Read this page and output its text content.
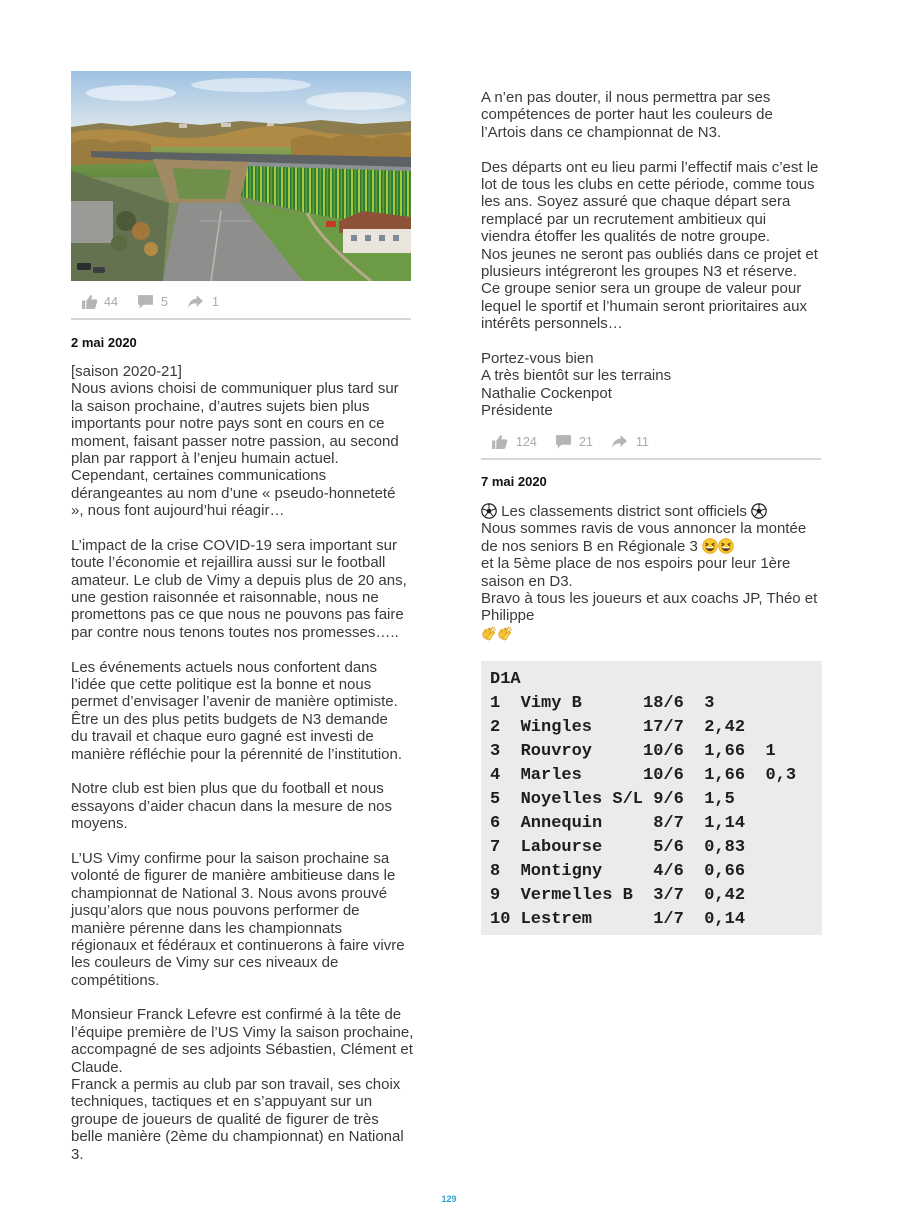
44	5	1
2 mai 2020
[saison 2020-21]
Nous avions choisi de communiquer plus tard sur
la saison prochaine, d’autres sujets bien plus
importants pour notre pays sont en cours en ce
moment, faisant passer notre passion, au second
plan par rapport à l’enjeu humain actuel.
Cependant, certaines communications
dérangeantes au nom d’une « pseudo-honneteté
», nous font aujourd’hui réagir…
L’impact de la crise COVID-19 sera important sur
toute l’économie et rejaillira aussi sur le football
amateur. Le club de Vimy a depuis plus de 20 ans,
une gestion raisonnée et raisonnable, nous ne
promettons pas ce que nous ne pouvons pas faire
par contre nous tenons toutes nos promesses…..
Les événements actuels nous confortent dans
l’idée que cette politique est la bonne et nous
permet d’envisager l’avenir de manière optimiste.
Être un des plus petits budgets de N3 demande
du travail et chaque euro gagné est investi de
manière réfléchie pour la pérennité de l’institution.
Notre club est bien plus que du football et nous
essayons d’aider chacun dans la mesure de nos
moyens.
L’US Vimy confirme pour la saison prochaine sa
volonté de figurer de manière ambitieuse dans le
championnat de National 3. Nous avons prouvé
jusqu’alors que nous pouvons performer de
manière pérenne dans les championnats
régionaux et fédéraux et continuerons à faire vivre
les couleurs de Vimy sur ces niveaux de
compétitions.
Monsieur Franck Lefevre est confirmé à la tête de
l’équipe première de l’US Vimy la saison prochaine,
accompagné de ses adjoints Sébastien, Clément et
Claude.
Franck a permis au club par son travail, ses choix
techniques, tactiques et en s’appuyant sur un
groupe de joueurs de qualité de figurer de très
belle manière (2ème du championnat) en National
3.
A n’en pas douter, il nous permettra par ses
compétences de porter haut les couleurs de
l’Artois dans ce championnat de N3.
Des départs ont eu lieu parmi l’effectif mais c’est le
lot de tous les clubs en cette période, comme tous
les ans. Soyez assuré que chaque départ sera
remplacé par un recrutement ambitieux qui
viendra étoffer les qualités de notre groupe.
Nos jeunes ne seront pas oubliés dans ce projet et
plusieurs intégreront les groupes N3 et réserve.
Ce groupe senior sera un groupe de valeur pour
lequel le sportif et l’humain seront prioritaires aux
intérêts personnels…
Portez-vous bien
A très bientôt sur les terrains
Nathalie Cockenpot
Présidente
124	21	11
7 mai 2020
Les classements district sont officiels
Nous sommes ravis de vous annoncer la montée
de nos seniors B en Régionale 3
et la 5ème place de nos espoirs pour leur 1ère
saison en D3.
Bravo à tous les joueurs et aux coachs JP, Théo et
Philippe
D1A
1 Vimy B	18/6 3
2 Wingles	17/7 2,42
3 Rouvroy	10/6 1,66 1
4 Marles	10/6 1,66 0,3
5 Noyelles S/L 9/6 1,5
6 Annequin	8/7 1,14
7 Labourse	5/6 0,83
8 Montigny	4/6 0,66
9 Vermelles B	3/7 0,42
10 Lestrem	1/7 0,14
129
